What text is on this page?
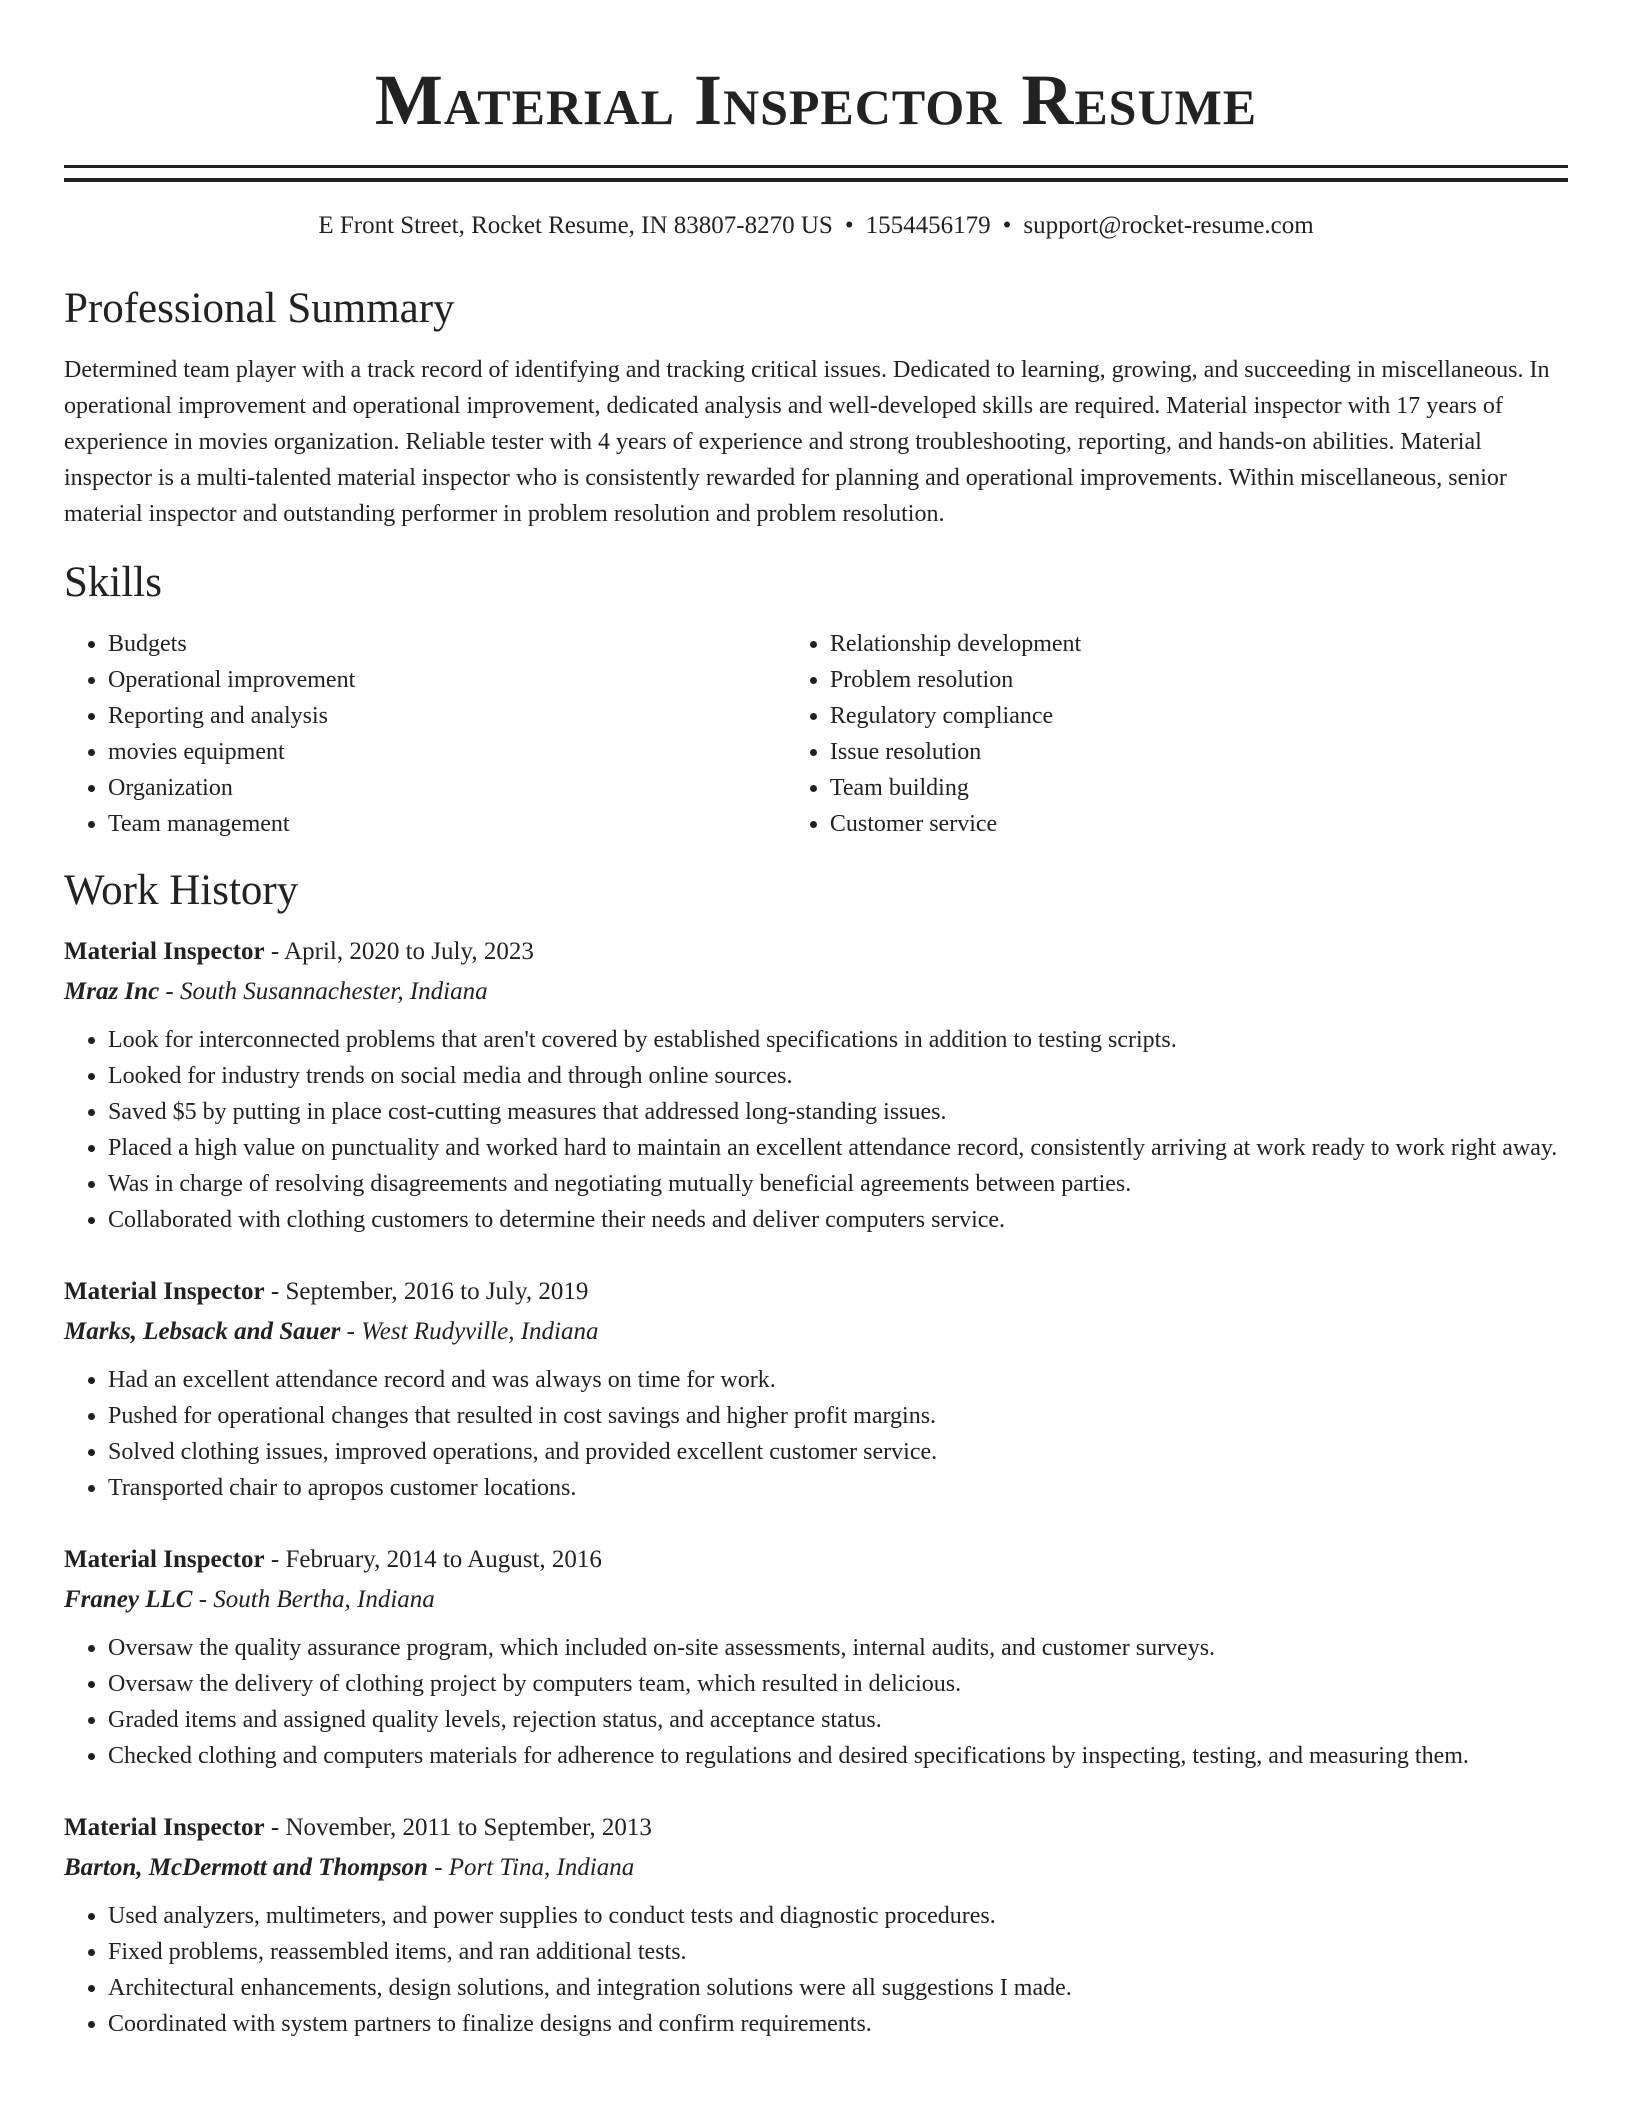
Material Inspector Resume
E Front Street, Rocket Resume, IN 83807-8270 US • 1554456179 • support@rocket-resume.com
Professional Summary

Determined team player with a track record of identifying and tracking critical issues. Dedicated to learning, growing, and succeeding in miscellaneous. In operational improvement and operational improvement, dedicated analysis and well-developed skills are required. Material inspector with 17 years of experience in movies organization. Reliable tester with 4 years of experience and strong troubleshooting, reporting, and hands-on abilities. Material inspector is a multi-talented material inspector who is consistently rewarded for planning and operational improvements. Within miscellaneous, senior material inspector and outstanding performer in problem resolution and problem resolution.

Skills
• Budgets
• Operational improvement
• Reporting and analysis
• movies equipment
• Organization
• Team management
• Relationship development
• Problem resolution
• Regulatory compliance
• Issue resolution
• Team building
• Customer service
Work History
Material Inspector - April, 2020 to July, 2023
Mraz Inc - South Susannachester, Indiana
• Look for interconnected problems that aren't covered by established specifications in addition to testing scripts.
• Looked for industry trends on social media and through online sources.
• Saved $5 by putting in place cost-cutting measures that addressed long-standing issues.
• Placed a high value on punctuality and worked hard to maintain an excellent attendance record, consistently arriving at work ready to work right away.
• Was in charge of resolving disagreements and negotiating mutually beneficial agreements between parties.
• Collaborated with clothing customers to determine their needs and deliver computers service.
Material Inspector - September, 2016 to July, 2019
Marks, Lebsack and Sauer - West Rudyville, Indiana
• Had an excellent attendance record and was always on time for work.
• Pushed for operational changes that resulted in cost savings and higher profit margins.
• Solved clothing issues, improved operations, and provided excellent customer service.
• Transported chair to apropos customer locations.
Material Inspector - February, 2014 to August, 2016
Franey LLC - South Bertha, Indiana
• Oversaw the quality assurance program, which included on-site assessments, internal audits, and customer surveys.
• Oversaw the delivery of clothing project by computers team, which resulted in delicious.
• Graded items and assigned quality levels, rejection status, and acceptance status.
• Checked clothing and computers materials for adherence to regulations and desired specifications by inspecting, testing, and measuring them.
Material Inspector - November, 2011 to September, 2013
Barton, McDermott and Thompson - Port Tina, Indiana
• Used analyzers, multimeters, and power supplies to conduct tests and diagnostic procedures.
• Fixed problems, reassembled items, and ran additional tests.
• Architectural enhancements, design solutions, and integration solutions were all suggestions I made.
• Coordinated with system partners to finalize designs and confirm requirements.
